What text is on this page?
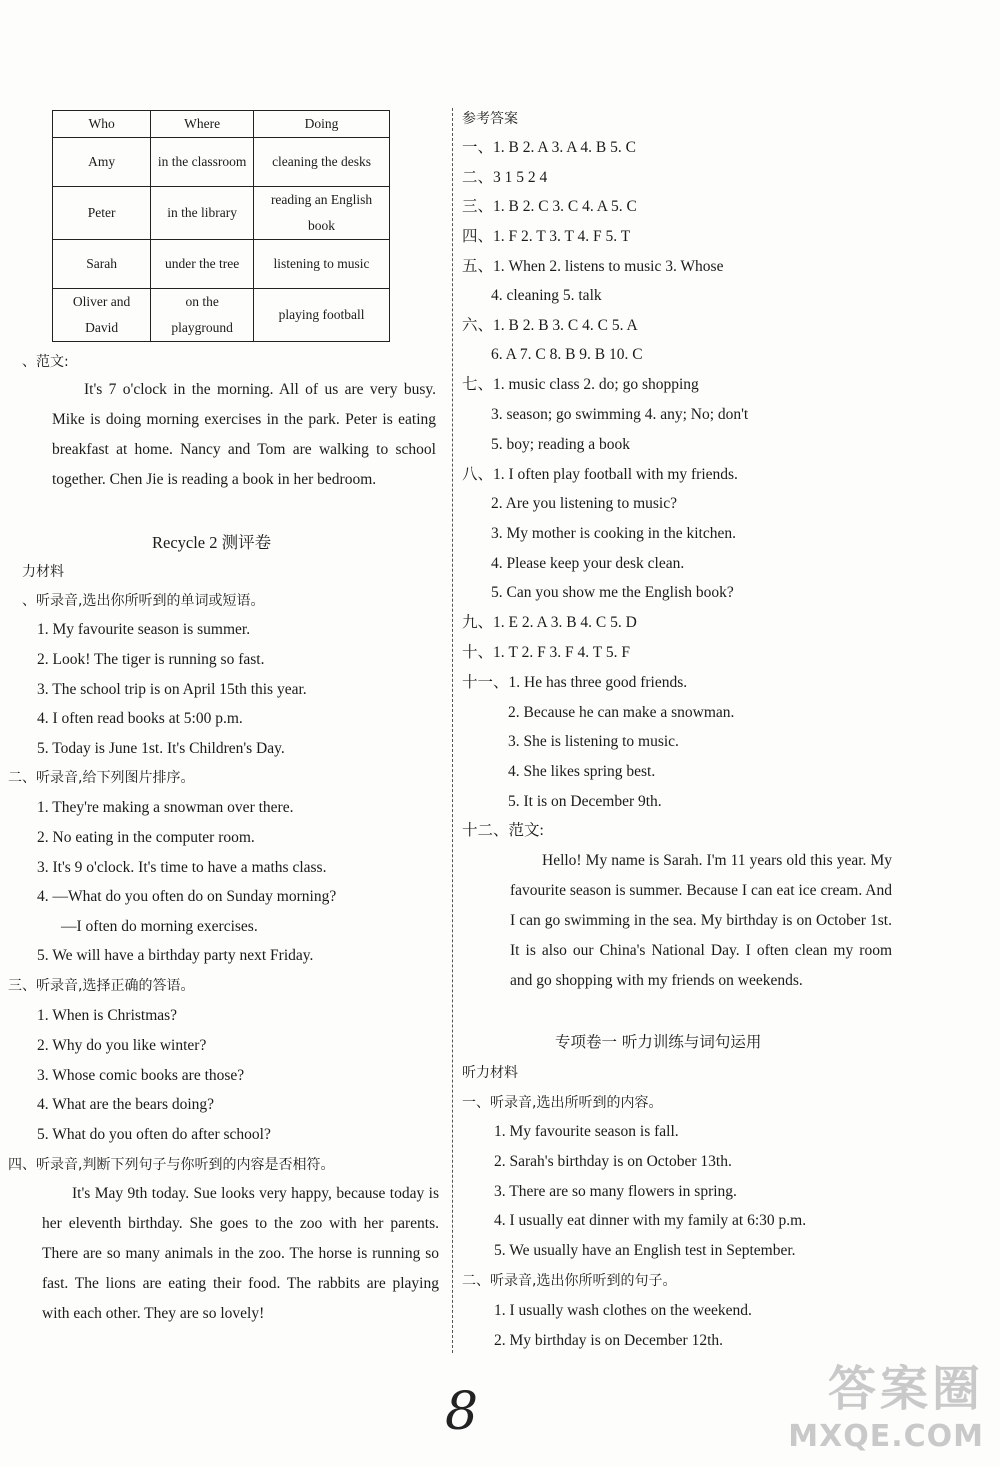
Who	Where	Doing
Amy	in the classroom	cleaning the desks
Peter	in the library	reading an English book
Sarah	under the tree	listening to music
Oliver and David	on the playground	playing football
、范文:
It's 7 o'clock in the morning. All of us are very busy. Mike is doing morning exercises in the park. Peter is eating breakfast at home. Nancy and Tom are walking to school together. Chen Jie is reading a book in her bedroom.
Recycle 2 测评卷
力材料
、听录音,选出你所听到的单词或短语。
1. My favourite season is summer.
2. Look! The tiger is running so fast.
3. The school trip is on April 15th this year.
4. I often read books at 5:00 p.m.
5. Today is June 1st. It's Children's Day.
二、听录音,给下列图片排序。
1. They're making a snowman over there.
2. No eating in the computer room.
3. It's 9 o'clock. It's time to have a maths class.
4. —What do you often do on Sunday morning?
—I often do morning exercises.
5. We will have a birthday party next Friday.
三、听录音,选择正确的答语。
1. When is Christmas?
2. Why do you like winter?
3. Whose comic books are those?
4. What are the bears doing?
5. What do you often do after school?
四、听录音,判断下列句子与你听到的内容是否相符。
It's May 9th today. Sue looks very happy, because today is her eleventh birthday. She goes to the zoo with her parents. There are so many animals in the zoo. The horse is running so fast. The lions are eating their food. The rabbits are playing with each other. They are so lovely!
参考答案
一、1. B 2. A 3. A 4. B 5. C
二、3 1 5 2 4
三、1. B 2. C 3. C 4. A 5. C
四、1. F 2. T 3. T 4. F 5. T
五、1. When 2. listens to music 3. Whose
4. cleaning 5. talk
六、1. B 2. B 3. C 4. C 5. A
6. A 7. C 8. B 9. B 10. C
七、1. music class 2. do; go shopping
3. season; go swimming 4. any; No; don't
5. boy; reading a book
八、1. I often play football with my friends.
2. Are you listening to music?
3. My mother is cooking in the kitchen.
4. Please keep your desk clean.
5. Can you show me the English book?
九、1. E 2. A 3. B 4. C 5. D
十、1. T 2. F 3. F 4. T 5. F
十一、1. He has three good friends.
2. Because he can make a snowman.
3. She is listening to music.
4. She likes spring best.
5. It is on December 9th.
十二、范文:
Hello! My name is Sarah. I'm 11 years old this year. My favourite season is summer. Because I can eat ice cream. And I can go swimming in the sea. My birthday is on October 1st. It is also our China's National Day. I often clean my room and go shopping with my friends on weekends.
专项卷一 听力训练与词句运用
听力材料
一、听录音,选出所听到的内容。
1. My favourite season is fall.
2. Sarah's birthday is on October 13th.
3. There are so many flowers in spring.
4. I usually eat dinner with my family at 6:30 p.m.
5. We usually have an English test in September.
二、听录音,选出你所听到的句子。
1. I usually wash clothes on the weekend.
2. My birthday is on December 12th.
8	答案圈
MXQE.COM
